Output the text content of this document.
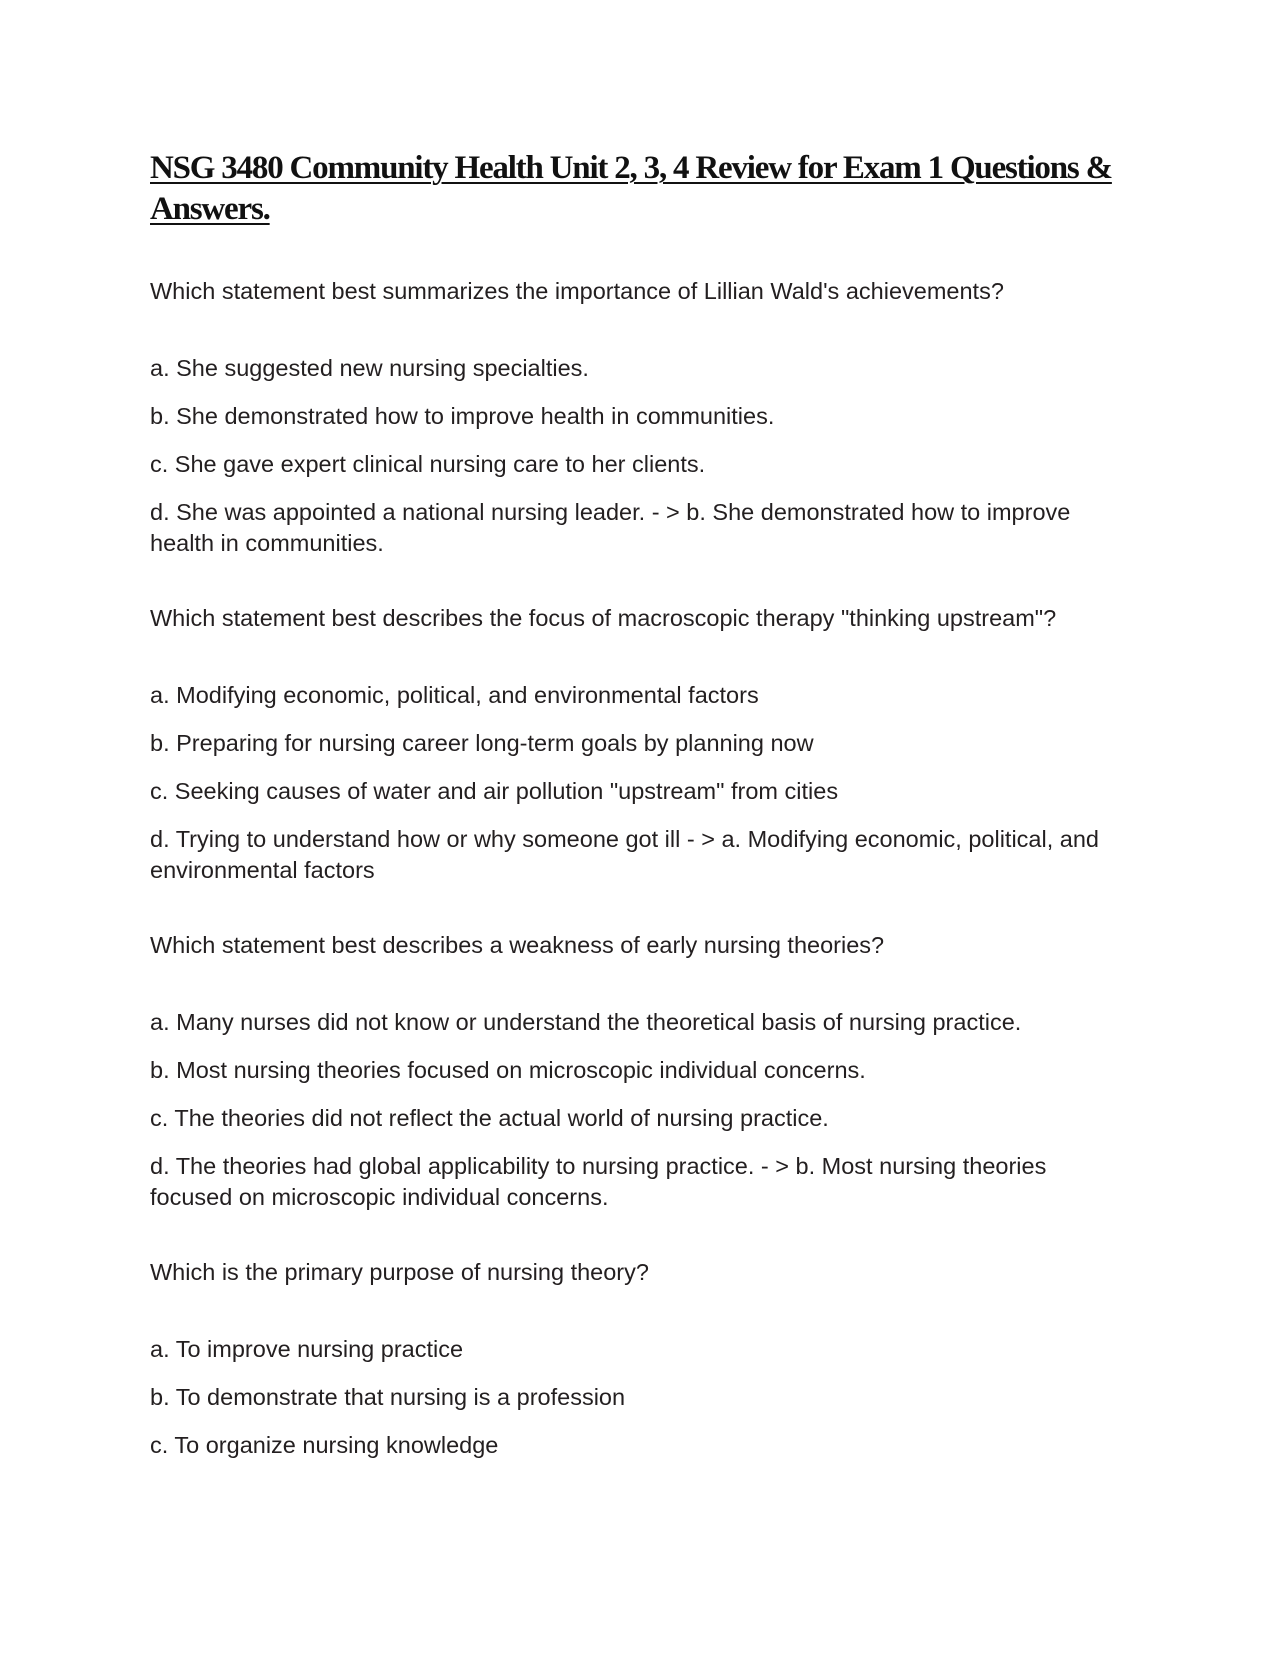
NSG 3480 Community Health Unit 2, 3, 4 Review for Exam 1 Questions & Answers.

Which statement best summarizes the importance of Lillian Wald's achievements?

a. She suggested new nursing specialties.

b. She demonstrated how to improve health in communities.

c. She gave expert clinical nursing care to her clients.

d. She was appointed a national nursing leader. - > b. She demonstrated how to improve health in communities.

Which statement best describes the focus of macroscopic therapy "thinking upstream"?

a. Modifying economic, political, and environmental factors

b. Preparing for nursing career long-term goals by planning now

c. Seeking causes of water and air pollution "upstream" from cities

d. Trying to understand how or why someone got ill - > a. Modifying economic, political, and environmental factors

Which statement best describes a weakness of early nursing theories?

a. Many nurses did not know or understand the theoretical basis of nursing practice.

b. Most nursing theories focused on microscopic individual concerns.

c. The theories did not reflect the actual world of nursing practice.

d. The theories had global applicability to nursing practice. - > b. Most nursing theories focused on microscopic individual concerns.

Which is the primary purpose of nursing theory?

a. To improve nursing practice

b. To demonstrate that nursing is a profession

c. To organize nursing knowledge
